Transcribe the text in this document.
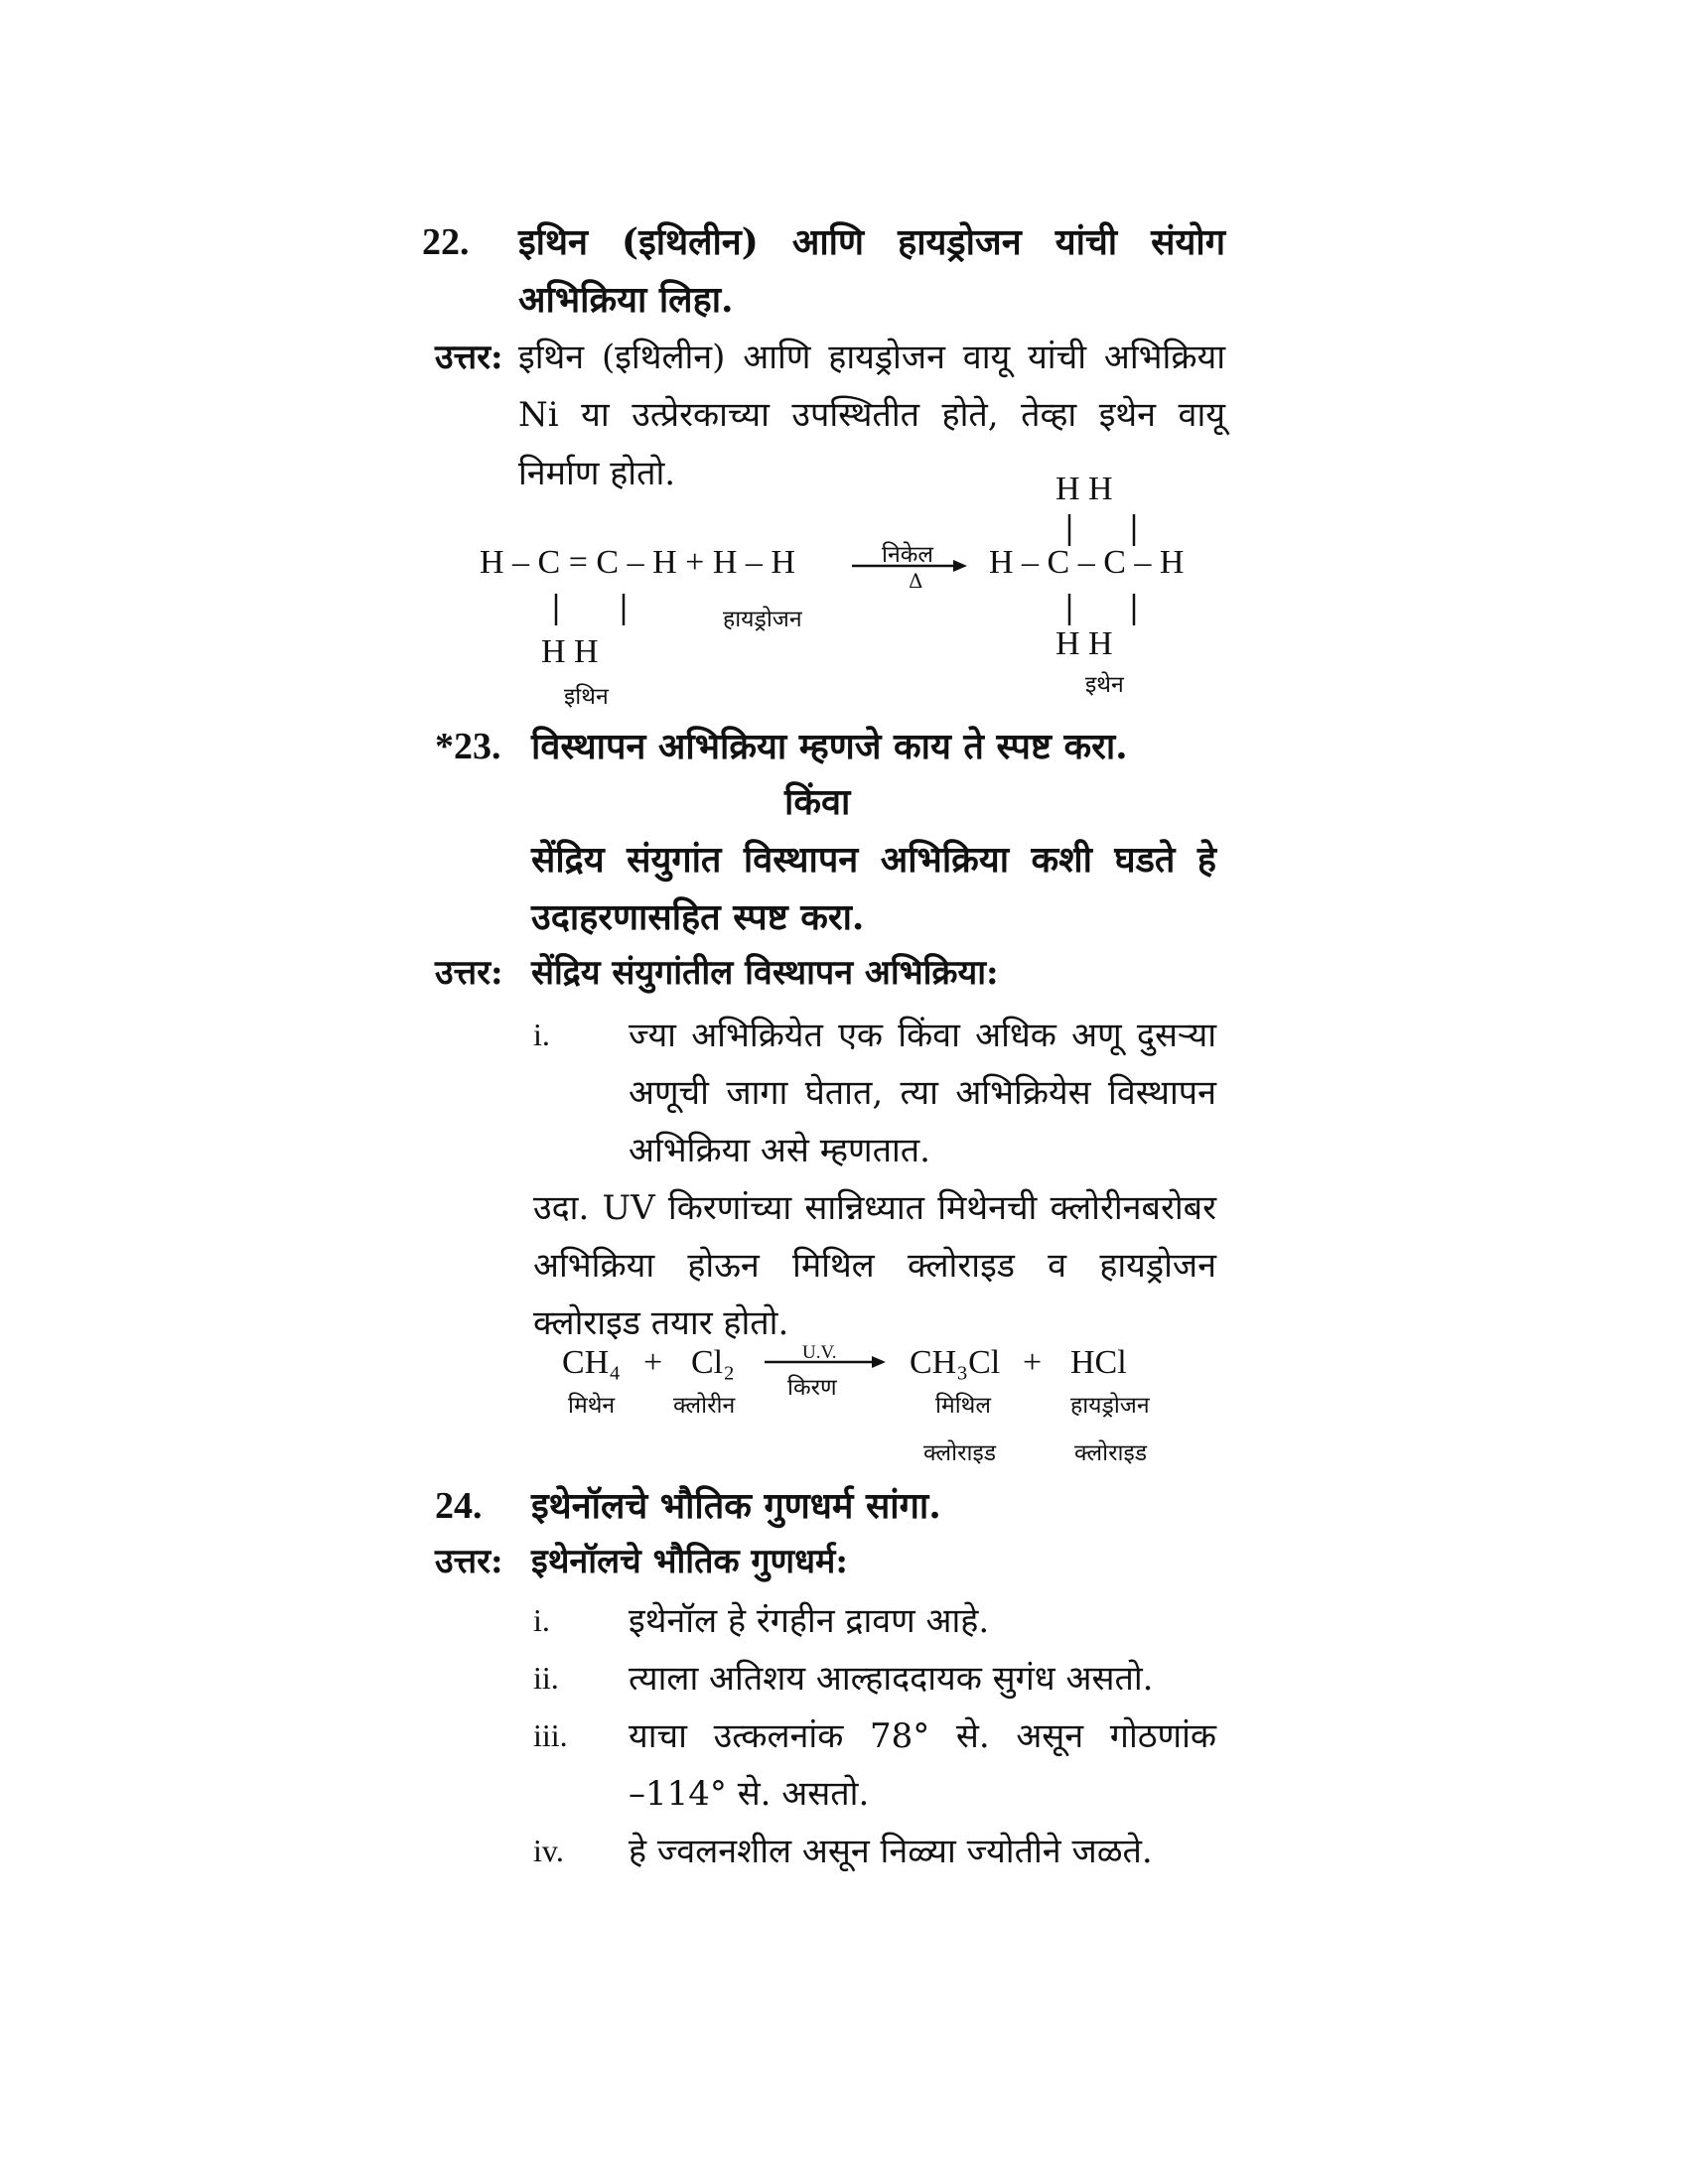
22. इथिन (इथिलीन) आणि हायड्रोजन यांची संयोग
अभिक्रिया लिहा.
उत्तर: इथिन (इथिलीन) आणि हायड्रोजन वायू यांची अभिक्रिया
Ni या उत्प्रेरकाच्या उपस्थितीत होते, तेव्हा इथेन वायू
निर्माण होतो.
H – C = C – H + H – H	निकेल
Δ H – C – C – H
H H
H H
H H
इथिन
हायड्रोजन
इथेन
*23. विस्थापन अभिक्रिया म्हणजे काय ते स्पष्ट करा.
किंवा
सेंद्रिय संयुगांत विस्थापन अभिक्रिया कशी घडते हे
उदाहरणासहित स्पष्ट करा.
उत्तर: सेंद्रिय संयुगांतील विस्थापन अभिक्रिया:
i. ज्या अभिक्रियेत एक किंवा अधिक अणू दुसऱ्या
अणूची जागा घेतात, त्या अभिक्रियेस विस्थापन
अभिक्रिया असे म्हणतात.
उदा. UV किरणांच्या सान्निध्यात मिथेनची क्लोरीनबरोबर
अभिक्रिया होऊन मिथिल क्लोराइड व हायड्रोजन
क्लोराइड तयार होतो.
CH₄ + Cl₂	U.V.
किरण
CH₃Cl + HCl
मिथेन	क्लोरीन	मिथिल
क्लोराइड
हायड्रोजन
क्लोराइड
24. इथेनॉलचे भौतिक गुणधर्म सांगा.
उत्तर: इथेनॉलचे भौतिक गुणधर्म:
i. इथेनॉल हे रंगहीन द्रावण आहे.
ii. त्याला अतिशय आल्हाददायक सुगंध असतो.
iii. याचा उत्कलनांक 78° से. असून गोठणांक
–114° से. असतो.
iv. हे ज्वलनशील असून निळ्या ज्योतीने जळते.
